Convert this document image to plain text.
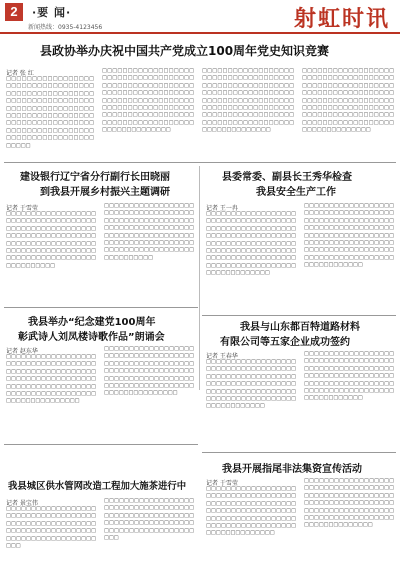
2	·要 闻·
新闻热线：0935-4123456	射虹时讯
县政协举办庆祝中国共产党成立100周年党史知识竞赛
记者 张 红
□□□□□□□□□□□□□□□□□□□□□□□□□□□□□□□□□□□□□□□□□□□□□□□□□□□□□□□□□□□□□□□□□□□□□□□□□□□□□□□□□□□□□□□□□□□□□□□□□□□□□□□□□□□□□□□□□□□□□□□□□□□□□□□□□□□□□□□□□□□□□□□□□□□□□□□□□□□□□□
□□□□□□□□□□□□□□□□□□□□□□□□□□□□□□□□□□□□□□□□□□□□□□□□□□□□□□□□□□□□□□□□□□□□□□□□□□□□□□□□□□□□□□□□□□□□□□□□□□□□□□□□□□□□□□□□□□□□□□□□□□□□□□□□□□□□□□□□□□□□□□□□□□□□□□□□□□□□□□
□□□□□□□□□□□□□□□□□□□□□□□□□□□□□□□□□□□□□□□□□□□□□□□□□□□□□□□□□□□□□□□□□□□□□□□□□□□□□□□□□□□□□□□□□□□□□□□□□□□□□□□□□□□□□□□□□□□□□□□□□□□□□□□□□□□□□□□□□□□□□□□□□□□□□□□□□□□□□□
□□□□□□□□□□□□□□□□□□□□□□□□□□□□□□□□□□□□□□□□□□□□□□□□□□□□□□□□□□□□□□□□□□□□□□□□□□□□□□□□□□□□□□□□□□□□□□□□□□□□□□□□□□□□□□□□□□□□□□□□□□□□□□□□□□□□□□□□□□□□□□□□□□□□□□□□□□□□□□
建设银行辽宁省分行副行长田晓丽
到我县开展乡村振兴主题调研
记者 于雪莹
□□□□□□□□□□□□□□□□□□□□□□□□□□□□□□□□□□□□□□□□□□□□□□□□□□□□□□□□□□□□□□□□□□□□□□□□□□□□□□□□□□□□□□□□□□□□□□□□□□□□□□□□□□□□□□□□□□□□□□□□□□□□□□□□□□□□□□□□
□□□□□□□□□□□□□□□□□□□□□□□□□□□□□□□□□□□□□□□□□□□□□□□□□□□□□□□□□□□□□□□□□□□□□□□□□□□□□□□□□□□□□□□□□□□□□□□□□□□□□□□□□□□□□□□□□□□□□□□□□□□□□□□□□□□□□□□□
县委常委、副县长王秀华检查
我县安全生产工作
记者 王一冉
□□□□□□□□□□□□□□□□□□□□□□□□□□□□□□□□□□□□□□□□□□□□□□□□□□□□□□□□□□□□□□□□□□□□□□□□□□□□□□□□□□□□□□□□□□□□□□□□□□□□□□□□□□□□□□□□□□□□□□□□□□□□□□□□□□□□□□□□□□□□□□□□□□□□□□□□□□□□□
□□□□□□□□□□□□□□□□□□□□□□□□□□□□□□□□□□□□□□□□□□□□□□□□□□□□□□□□□□□□□□□□□□□□□□□□□□□□□□□□□□□□□□□□□□□□□□□□□□□□□□□□□□□□□□□□□□□□□□□□□□□□□□□□□□□□□□□□□□□□□□□□□□□□□□□□□□□□
我县举办“纪念建党100周年
彰武诗人刘凤楼诗歌作品”朗诵会
记者 赵东华
□□□□□□□□□□□□□□□□□□□□□□□□□□□□□□□□□□□□□□□□□□□□□□□□□□□□□□□□□□□□□□□□□□□□□□□□□□□□□□□□□□□□□□□□□□□□□□□□□□□□□□□□□□□□□□□□□□□□□□□□□□□
□□□□□□□□□□□□□□□□□□□□□□□□□□□□□□□□□□□□□□□□□□□□□□□□□□□□□□□□□□□□□□□□□□□□□□□□□□□□□□□□□□□□□□□□□□□□□□□□□□□□□□□□□□□□□□□□□□□□□□□□□□□
我县与山东都百特道路材料
有限公司等五家企业成功签约
记者 王春华
□□□□□□□□□□□□□□□□□□□□□□□□□□□□□□□□□□□□□□□□□□□□□□□□□□□□□□□□□□□□□□□□□□□□□□□□□□□□□□□□□□□□□□□□□□□□□□□□□□□□□□□□□□□□□□□□□□□□□□□□
□□□□□□□□□□□□□□□□□□□□□□□□□□□□□□□□□□□□□□□□□□□□□□□□□□□□□□□□□□□□□□□□□□□□□□□□□□□□□□□□□□□□□□□□□□□□□□□□□□□□□□□□□□□□□□□□□□□□□□□□
我县开展指尾非法集资宣传活动
记者 于雪莹
□□□□□□□□□□□□□□□□□□□□□□□□□□□□□□□□□□□□□□□□□□□□□□□□□□□□□□□□□□□□□□□□□□□□□□□□□□□□□□□□□□□□□□□□□□□□□□□□□□□□□□□□□□□□□□□□□□□□□□□□□□
□□□□□□□□□□□□□□□□□□□□□□□□□□□□□□□□□□□□□□□□□□□□□□□□□□□□□□□□□□□□□□□□□□□□□□□□□□□□□□□□□□□□□□□□□□□□□□□□□□□□□□□□□□□□□□□□□□□□□□□□□□
我县城区供水管网改造工程加大施茶进行中
记者 景宝伟
□□□□□□□□□□□□□□□□□□□□□□□□□□□□□□□□□□□□□□□□□□□□□□□□□□□□□□□□□□□□□□□□□□□□□□□□□□□□□□□□□□□□□□□□□□□□□
□□□□□□□□□□□□□□□□□□□□□□□□□□□□□□□□□□□□□□□□□□□□□□□□□□□□□□□□□□□□□□□□□□□□□□□□□□□□□□□□□□□□□□□□□□□□□
